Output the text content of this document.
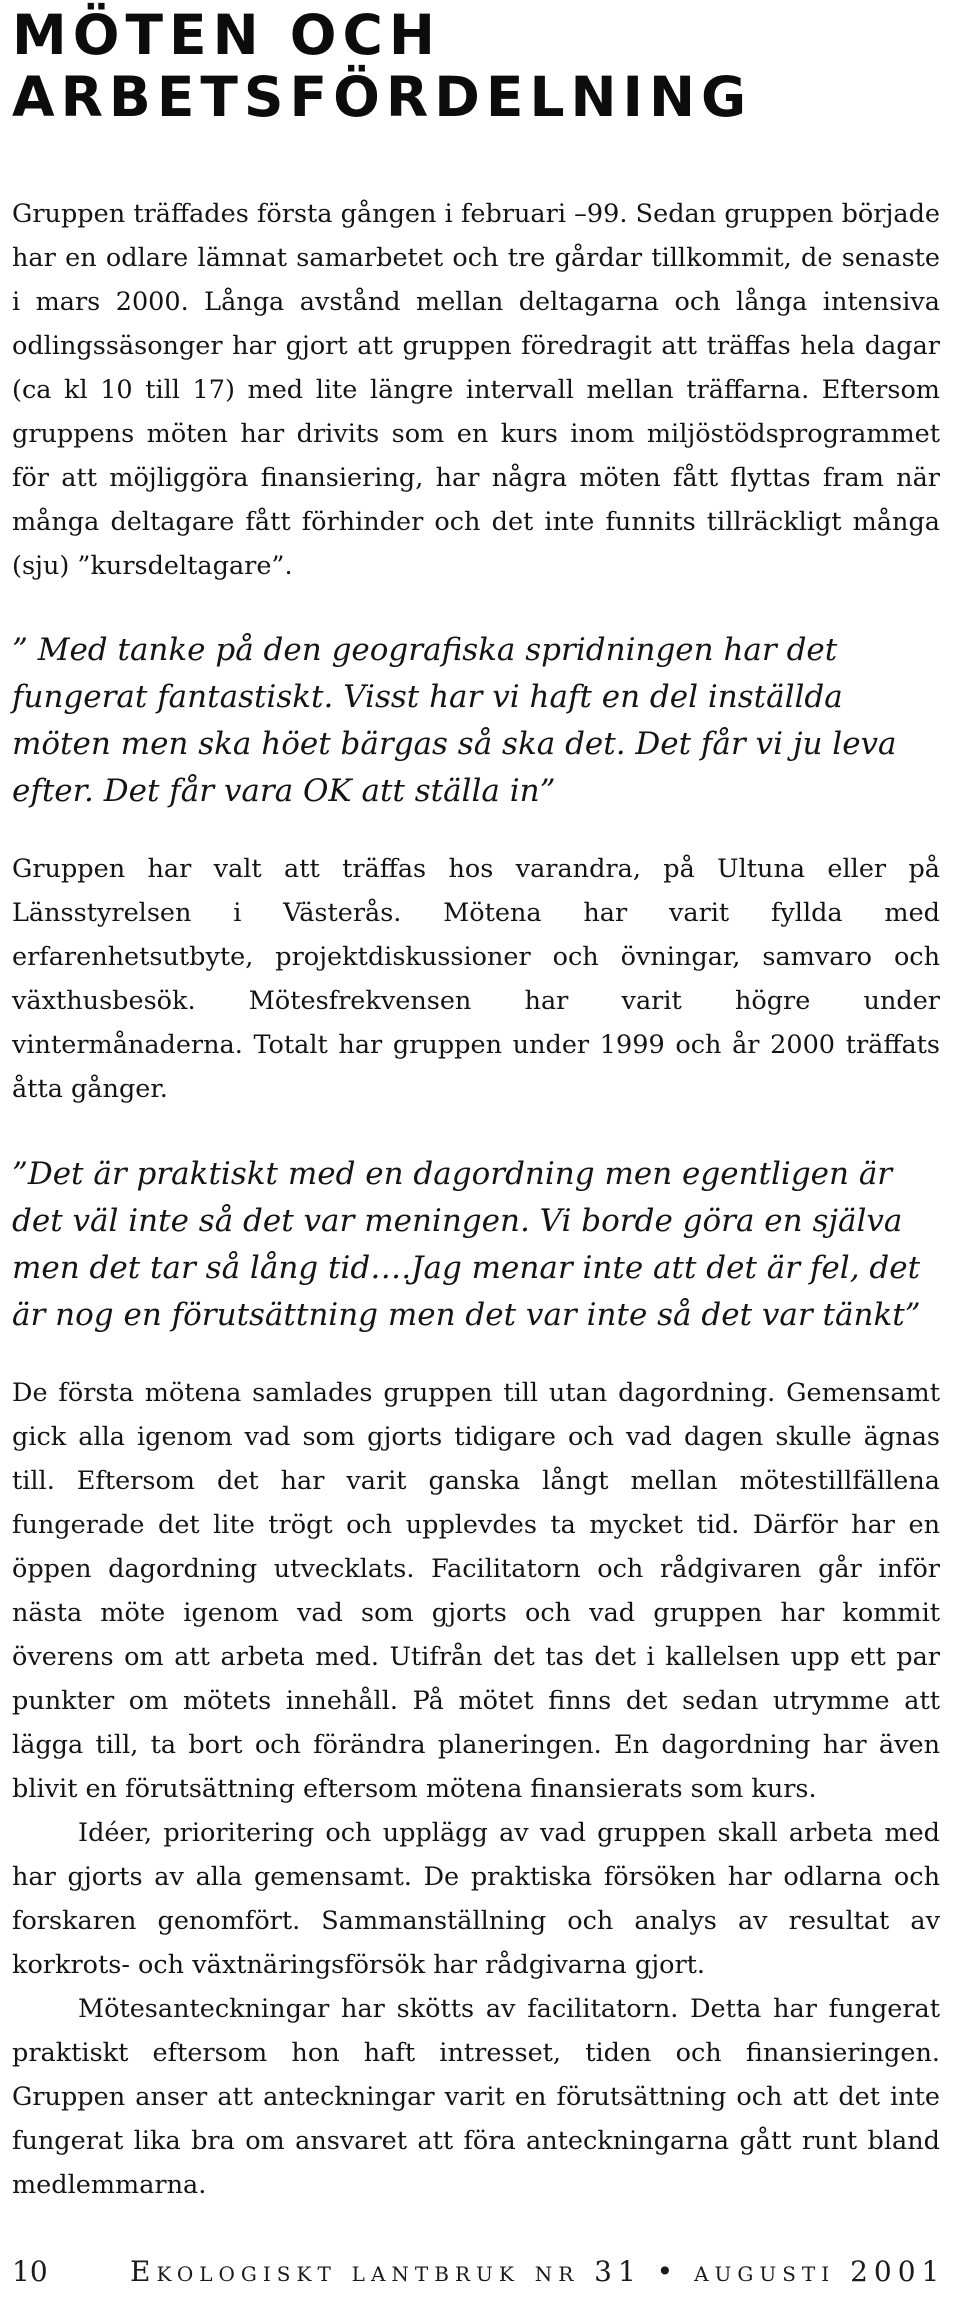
MÖTEN OCH
ARBETSFÖRDELNING

Gruppen träffades första gången i februari –99. Sedan gruppen började har en odlare lämnat samarbetet och tre gårdar tillkommit, de senaste i mars 2000. Långa avstånd mellan deltagarna och långa intensiva odlingssäsonger har gjort att gruppen föredragit att träffas hela dagar (ca kl 10 till 17) med lite längre intervall mellan träffarna. Eftersom gruppens möten har drivits som en kurs inom miljöstödsprogrammet för att möjliggöra finansiering, har några möten fått flyttas fram när många deltagare fått förhinder och det inte funnits tillräckligt många (sju) ”kursdeltagare”.

” Med tanke på den geografiska spridningen har det fungerat fantastiskt. Visst har vi haft en del inställda möten men ska höet bärgas så ska det. Det får vi ju leva efter. Det får vara OK att ställa in”

Gruppen har valt att träffas hos varandra, på Ultuna eller på Länsstyrelsen i Västerås. Mötena har varit fyllda med erfarenhetsutbyte, projektdiskussioner och övningar, samvaro och växthusbesök. Mötesfrekvensen har varit högre under vintermånaderna. Totalt har gruppen under 1999 och år 2000 träffats åtta gånger.

”Det är praktiskt med en dagordning men egentligen är det väl inte så det var meningen. Vi borde göra en själva men det tar så lång tid….Jag menar inte att det är fel, det är nog en förutsättning men det var inte så det var tänkt”

De första mötena samlades gruppen till utan dagordning. Gemensamt gick alla igenom vad som gjorts tidigare och vad dagen skulle ägnas till. Eftersom det har varit ganska långt mellan mötestillfällena fungerade det lite trögt och upplevdes ta mycket tid. Därför har en öppen dagordning utvecklats. Facilitatorn och rådgivaren går inför nästa möte igenom vad som gjorts och vad gruppen har kommit överens om att arbeta med. Utifrån det tas det i kallelsen upp ett par punkter om mötets innehåll. På mötet finns det sedan utrymme att lägga till, ta bort och förändra planeringen. En dagordning har även blivit en förutsättning eftersom mötena finansierats som kurs.

Idéer, prioritering och upplägg av vad gruppen skall arbeta med har gjorts av alla gemensamt. De praktiska försöken har odlarna och forskaren genomfört. Sammanställning och analys av resultat av korkrots- och växtnäringsförsök har rådgivarna gjort.

Mötesanteckningar har skötts av facilitatorn. Detta har fungerat praktiskt eftersom hon haft intresset, tiden och finansieringen. Gruppen anser att anteckningar varit en förutsättning och att det inte fungerat lika bra om ansvaret att föra anteckningarna gått runt bland medlemmarna.

10	Ekologiskt lantbruk nr 31 • augusti 2001
